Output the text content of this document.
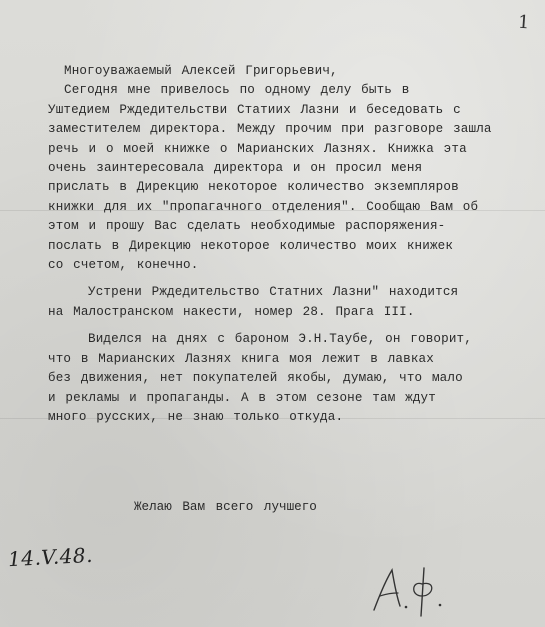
1
Многоуважаемый Алексей Григорьевич,
Сегодня мне привелось по одному делу быть в
Уштедием Рждедительстви Статиих Лазни и беседовать с
заместителем директора. Между прочим при разговоре зашла
речь и о моей книжке о Марианских Лазнях. Книжка эта
очень заинтересовала директора и он просил меня
прислать в Дирекцию некоторое количество экземпляров
книжки для их "пропагачного отделения". Сообщаю Вам об
этом и прошу Вас сделать необходимые распоряжения-
послать в Дирекцию некоторое количество моих книжек
со счетом, конечно.
Устрени Рждедительство Статних Лазни" находится
на Малостранском накести, номер 28. Прага III.
Виделся на днях с бароном Э.Н.Таубе, он говорит,
что в Марианских Лазнях книга моя лежит в лавках
без движения, нет покупателей якобы, думаю, что мало
и рекламы и пропаганды. А в этом сезоне там ждут
много русских, не знаю только откуда.
Желаю Вам всего лучшего
14.V.48.
